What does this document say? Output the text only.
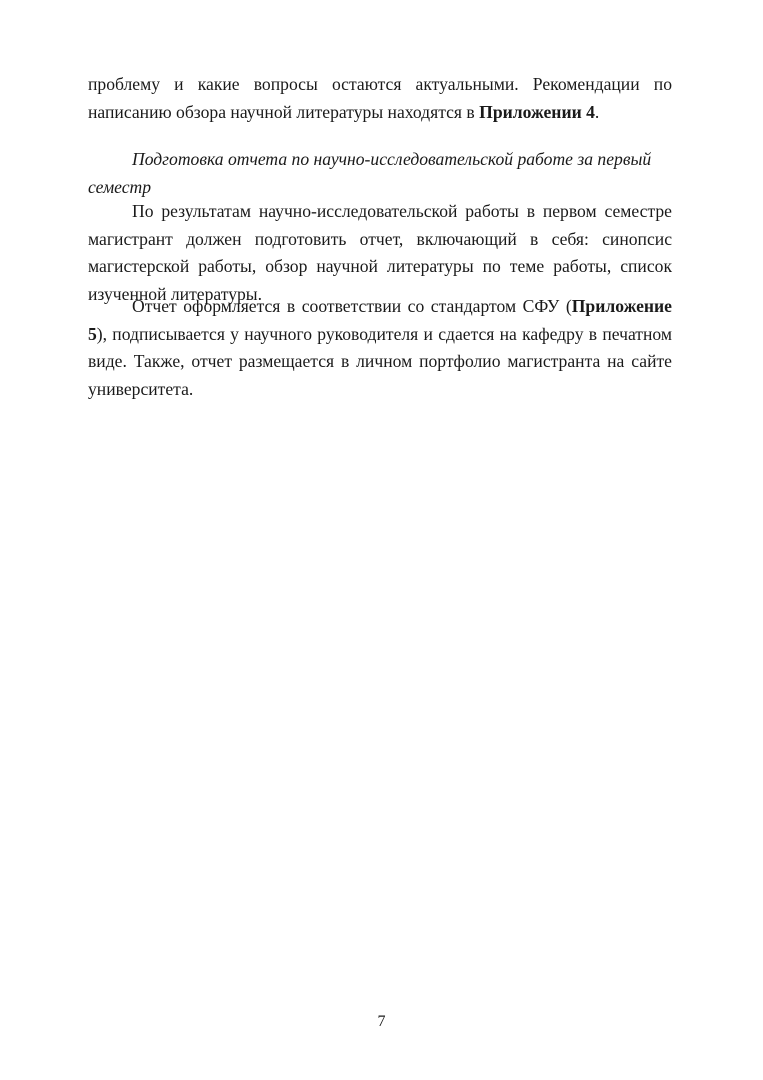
проблему и какие вопросы остаются актуальными. Рекомендации по написанию обзора научной литературы находятся в Приложении 4.

Подготовка отчета по научно-исследовательской работе за первый семестр

По результатам научно-исследовательской работы в первом семестре магистрант должен подготовить отчет, включающий в себя: синопсис магистерской работы, обзор научной литературы по теме работы, список изученной литературы.

Отчет оформляется в соответствии со стандартом СФУ (Приложение 5), подписывается у научного руководителя и сдается на кафедру в печатном виде. Также, отчет размещается в личном портфолио магистранта на сайте университета.

7
